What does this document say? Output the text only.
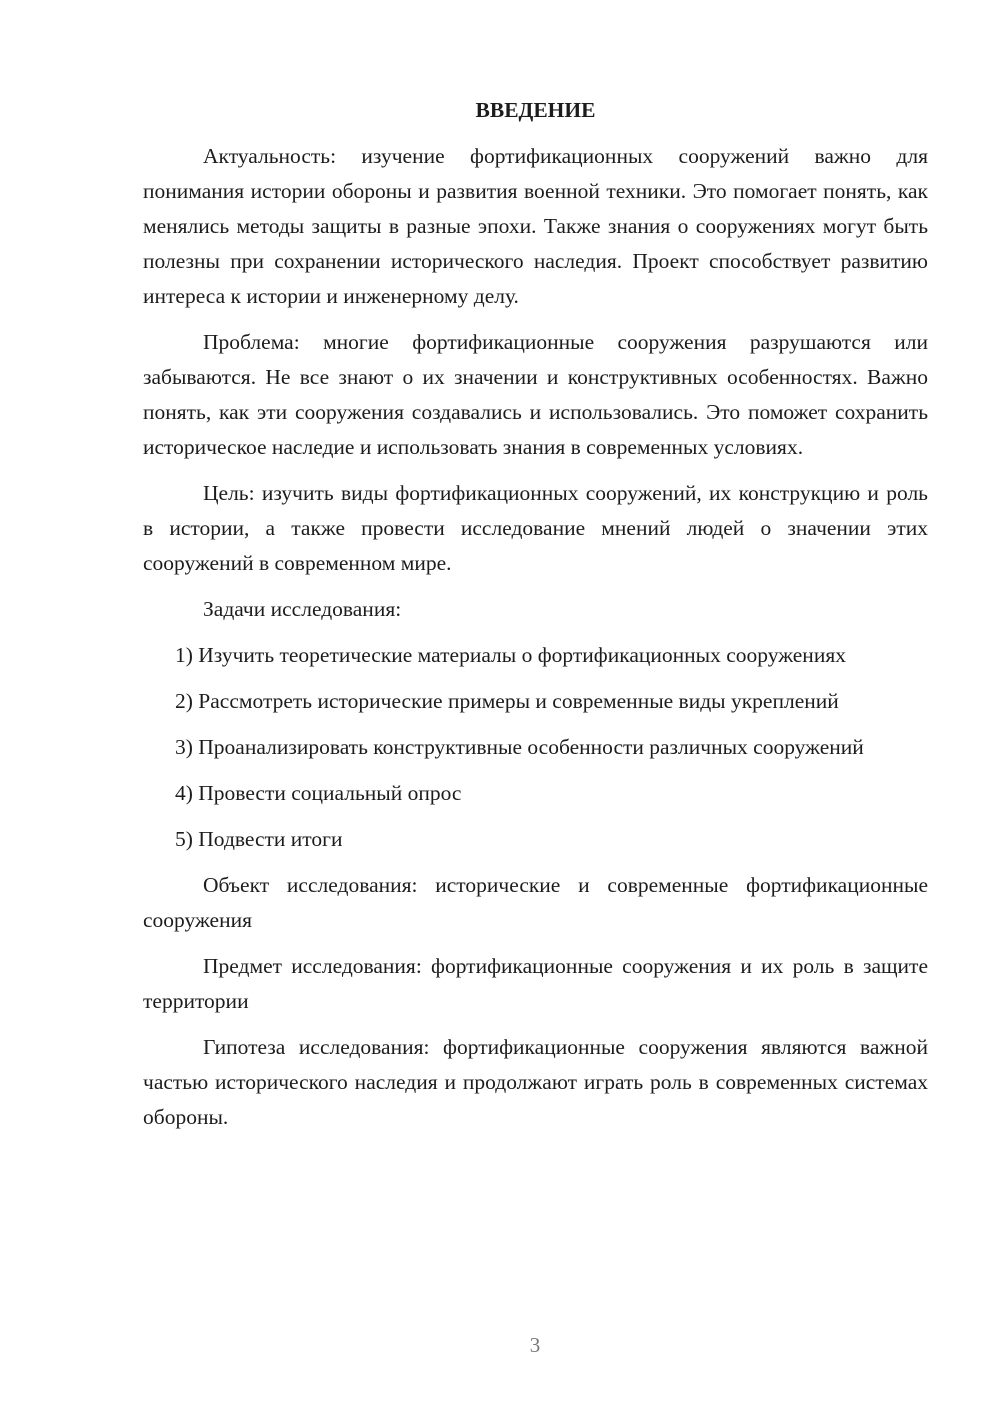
ВВЕДЕНИЕ

Актуальность: изучение фортификационных сооружений важно для понимания истории обороны и развития военной техники. Это помогает понять, как менялись методы защиты в разные эпохи. Также знания о сооружениях могут быть полезны при сохранении исторического наследия. Проект способствует развитию интереса к истории и инженерному делу.

Проблема: многие фортификационные сооружения разрушаются или забываются. Не все знают о их значении и конструктивных особенностях. Важно понять, как эти сооружения создавались и использовались. Это поможет сохранить историческое наследие и использовать знания в современных условиях.

Цель: изучить виды фортификационных сооружений, их конструкцию и роль в истории, а также провести исследование мнений людей о значении этих сооружений в современном мире.

Задачи исследования:

1) Изучить теоретические материалы о фортификационных сооружениях

2) Рассмотреть исторические примеры и современные виды укреплений

3) Проанализировать конструктивные особенности различных сооружений

4) Провести социальный опрос

5) Подвести итоги

Объект исследования: исторические и современные фортификационные сооружения

Предмет исследования: фортификационные сооружения и их роль в защите территории

Гипотеза исследования: фортификационные сооружения являются важной частью исторического наследия и продолжают играть роль в современных системах обороны.

3
